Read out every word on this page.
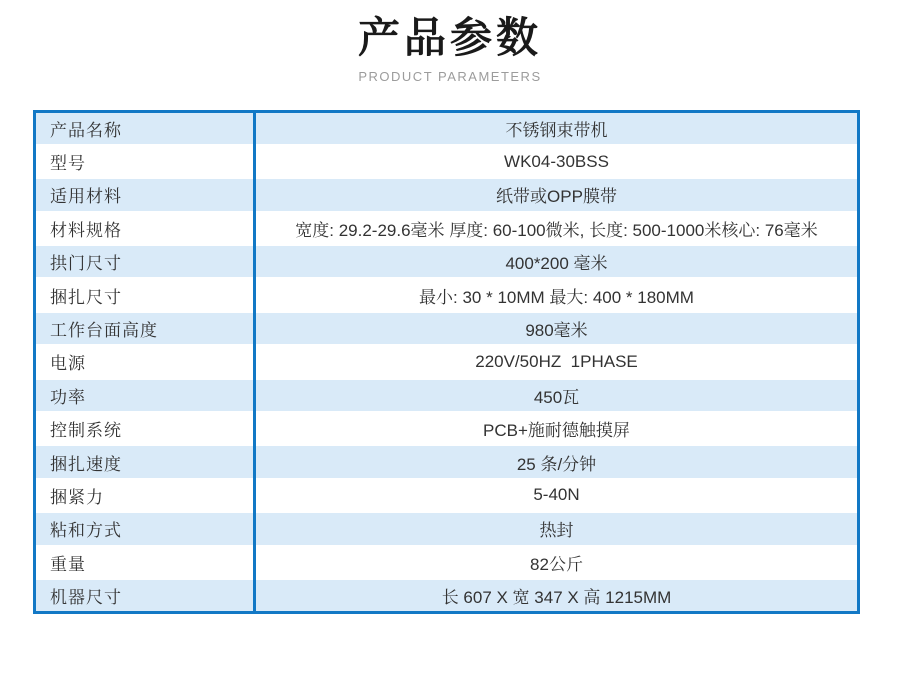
产品参数
PRODUCT PARAMETERS
产品名称	不锈钢束带机
型号	WK04-30BSS
适用材料	纸带或OPP膜带
材料规格	宽度: 29.2-29.6毫米 厚度: 60-100微米, 长度: 500-1000米核心: 76毫米
拱门尺寸	400*200 毫米
捆扎尺寸	最小: 30 * 10MM 最大: 400 * 180MM
工作台面高度	980毫米
电源	220V/50HZ  1PHASE
功率	450瓦
控制系统	PCB+施耐德触摸屏
捆扎速度	25 条/分钟
捆紧力	5-40N
粘和方式	热封
重量	82公斤
机器尺寸	长 607 X 宽 347 X 高 1215MM
